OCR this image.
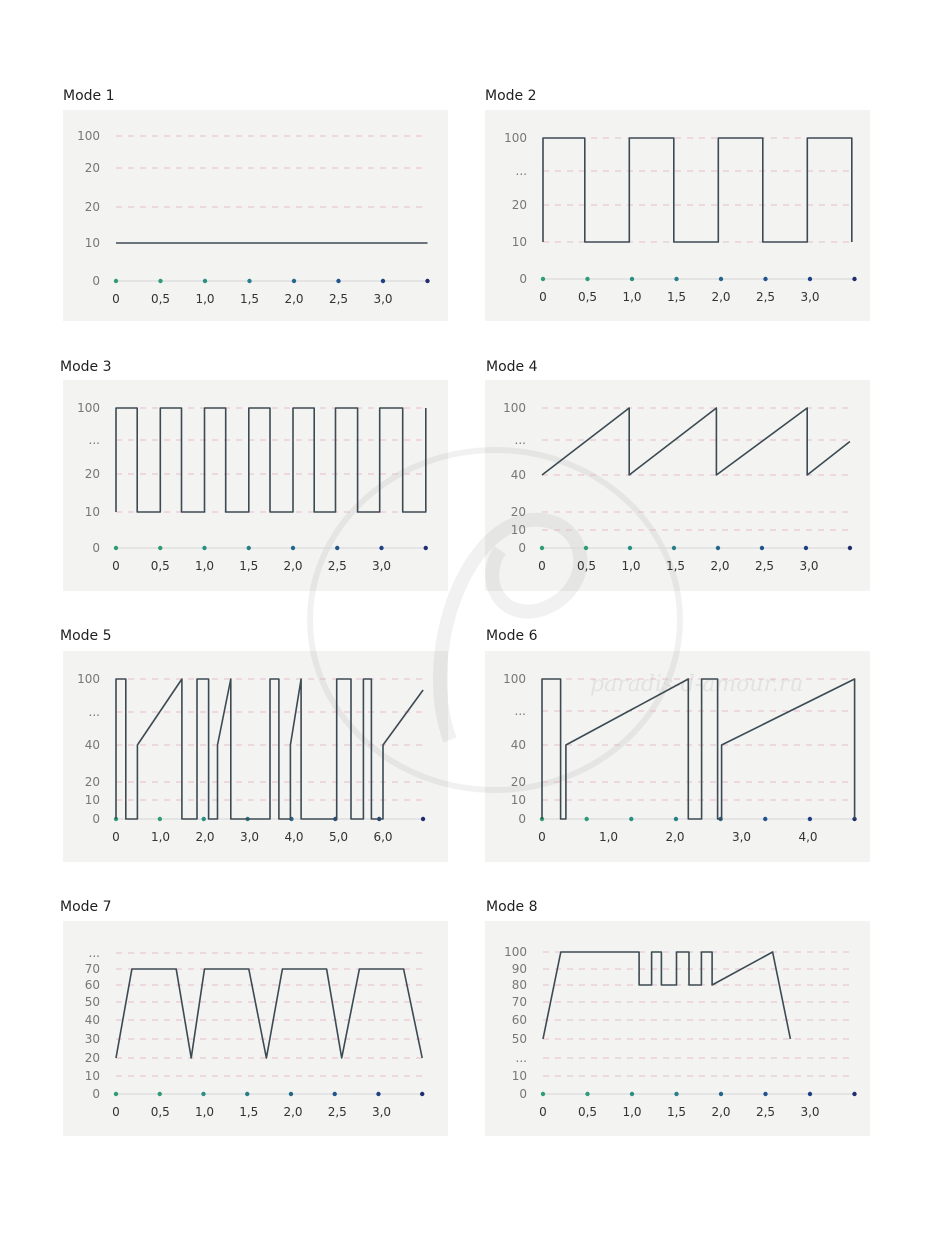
Mode 1	Mode 2
Mode 3	Mode 4
Mode 5	Mode 6
Mode 7	Mode 8
paradis-d-amour.ru
100
20
20
10
0
0	0,5 1,0 1,5 2,0 2,5 3,0
100
...
20
10
0
0	0,5 1,0 1,5 2,0 2,5 3,0
100
...
20
10
0
0	0,5 1,0 1,5 2,0 2,5 3,0
100
...
40
20
10
0
0	0,5 1,0 1,5 2,0 2,5 3,0
100
...
40
20
10
0
0	1,0 2,0 3,0 4,0 5,0 6,0
100
...
40
20
10
0
0	1,0	2,0	3,0	4,0
...
70
60
50
40
30
20
10
0
0	0,5 1,0 1,5 2,0 2,5 3,0
100
90
80
70
60
50
...
10
0
0	0,5 1,0 1,5 2,0 2,5 3,0
